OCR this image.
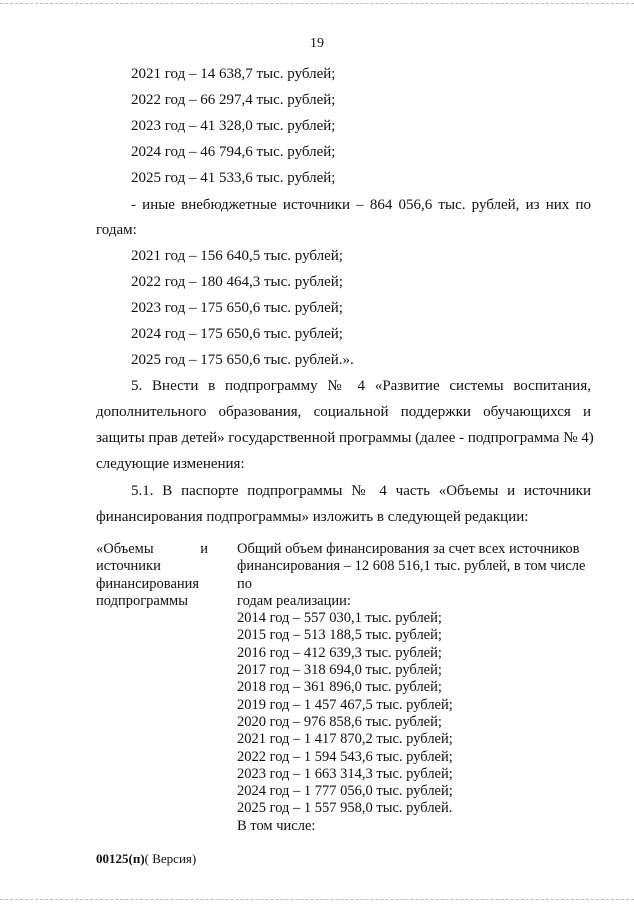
19
2021 год – 14 638,7 тыс. рублей;
2022 год – 66 297,4 тыс. рублей;
2023 год – 41 328,0 тыс. рублей;
2024 год – 46 794,6 тыс. рублей;
2025 год – 41 533,6 тыс. рублей;
- иные внебюджетные источники – 864 056,6 тыс. рублей, из них по
годам:
2021 год – 156 640,5 тыс. рублей;
2022 год – 180 464,3 тыс. рублей;
2023 год – 175 650,6 тыс. рублей;
2024 год – 175 650,6 тыс. рублей;
2025 год – 175 650,6 тыс. рублей.».
5. Внести в подпрограмму № 4 «Развитие системы воспитания,
дополнительного образования, социальной поддержки обучающихся и
защиты прав детей» государственной программы (далее - подпрограмма № 4)
следующие изменения:
5.1. В паспорте подпрограммы № 4 часть «Объемы и источники
финансирования подпрограммы» изложить в следующей редакции:
«Объемы	и
источники
финансирования
подпрограммы
Общий объем финансирования за счет всех источников
финансирования – 12 608 516,1 тыс. рублей, в том числе по
годам реализации:
2014 год – 557 030,1 тыс. рублей;
2015 год – 513 188,5 тыс. рублей;
2016 год – 412 639,3 тыс. рублей;
2017 год – 318 694,0 тыс. рублей;
2018 год – 361 896,0 тыс. рублей;
2019 год – 1 457 467,5 тыс. рублей;
2020 год – 976 858,6 тыс. рублей;
2021 год – 1 417 870,2 тыс. рублей;
2022 год – 1 594 543,6 тыс. рублей;
2023 год – 1 663 314,3 тыс. рублей;
2024 год – 1 777 056,0 тыс. рублей;
2025 год – 1 557 958,0 тыс. рублей.
В том числе:
00125(п)( Версия)
